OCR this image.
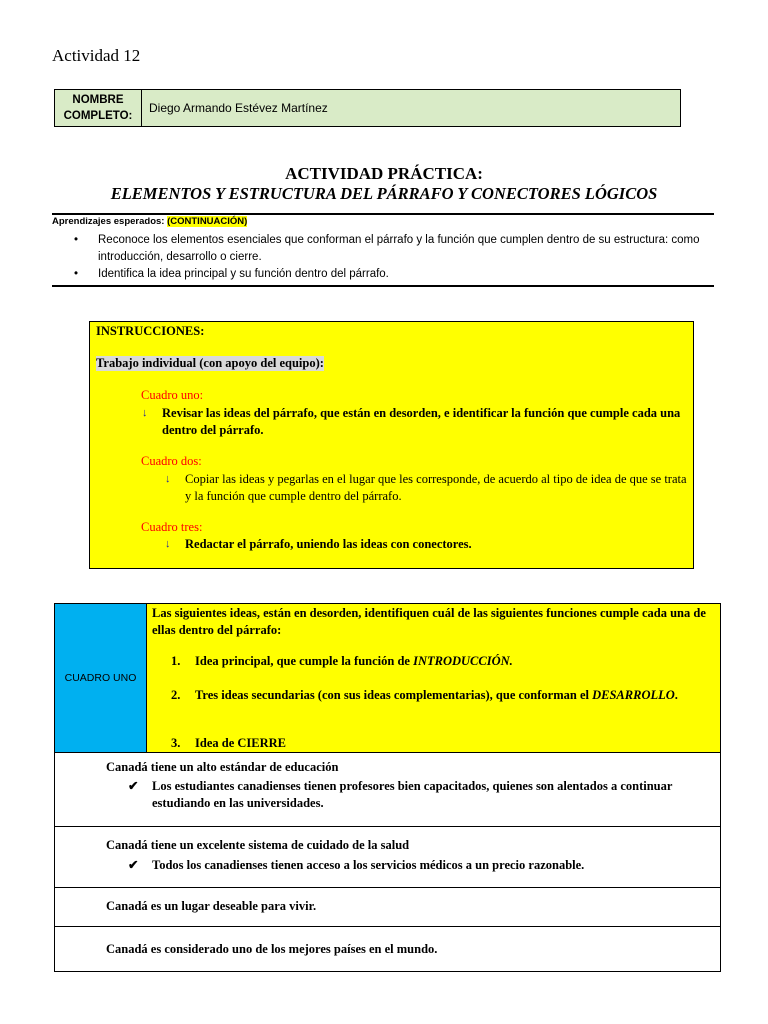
Actividad 12
NOMBRE
COMPLETO:
Diego Armando Estévez Martínez
ACTIVIDAD PRÁCTICA:
ELEMENTOS Y ESTRUCTURA DEL PÁRRAFO Y CONECTORES LÓGICOS
Aprendizajes esperados: (CONTINUACIÓN)
• Reconoce los elementos esenciales que conforman el párrafo y la función que cumplen dentro de su estructura: como introducción, desarrollo o cierre.
• Identifica la idea principal y su función dentro del párrafo.
INSTRUCCIONES:
Trabajo individual (con apoyo del equipo):
Cuadro uno:
↓ Revisar las ideas del párrafo, que están en desorden, e identificar la función que cumple cada una dentro del párrafo.
Cuadro dos:
↓ Copiar las ideas y pegarlas en el lugar que les corresponde, de acuerdo al tipo de idea de que se trata y la función que cumple dentro del párrafo.
Cuadro tres:
↓ Redactar el párrafo, uniendo las ideas con conectores.
CUADRO UNO
Las siguientes ideas, están en desorden, identifiquen cuál de las siguientes funciones cumple cada una de ellas dentro del párrafo:
1. Idea principal, que cumple la función de INTRODUCCIÓN.
2. Tres ideas secundarias (con sus ideas complementarias), que conforman el DESARROLLO.
3. Idea de CIERRE
Canadá tiene un alto estándar de educación
✔ Los estudiantes canadienses tienen profesores bien capacitados, quienes son alentados a continuar estudiando en las universidades.
Canadá tiene un excelente sistema de cuidado de la salud
✔ Todos los canadienses tienen acceso a los servicios médicos a un precio razonable.
Canadá es un lugar deseable para vivir.
Canadá es considerado uno de los mejores países en el mundo.
